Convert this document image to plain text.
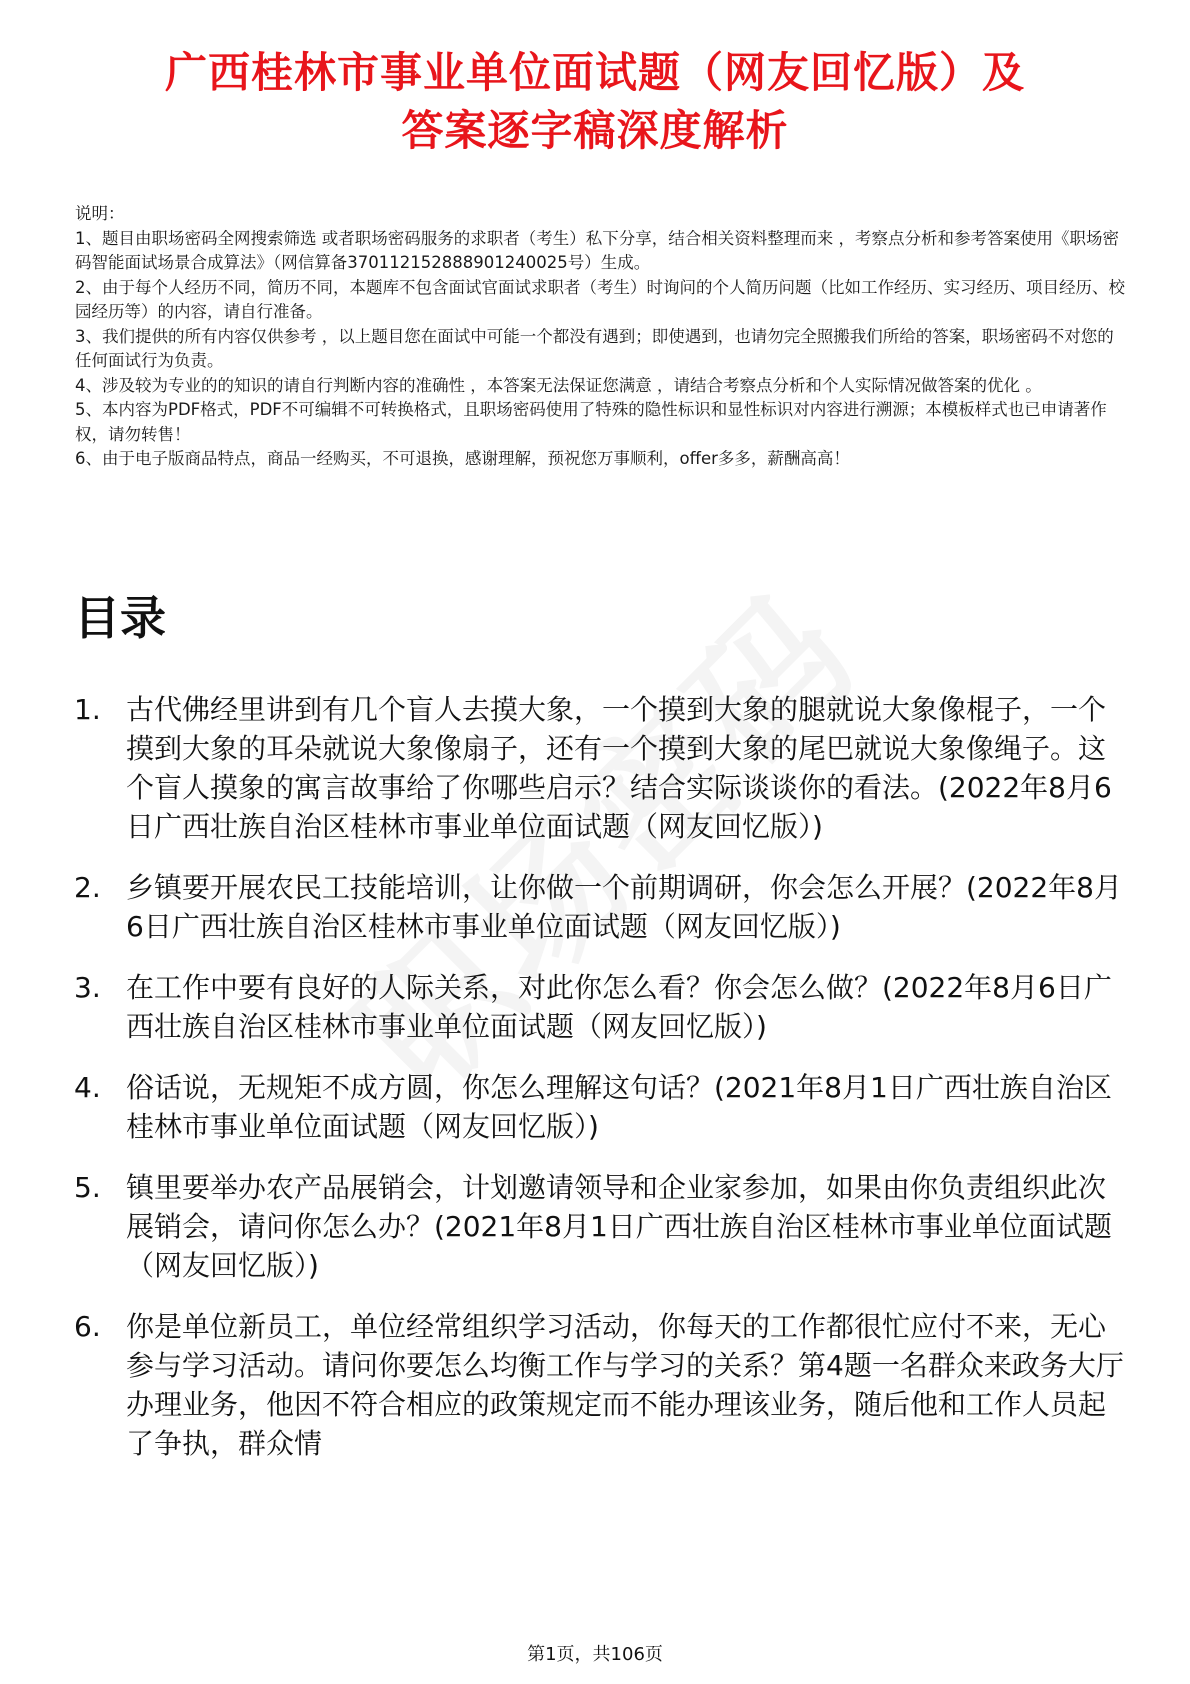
广西桂林市事业单位面试题（网友回忆版）及
答案逐字稿深度解析
说明：
1、题目由职场密码全网搜索筛选 或者职场密码服务的求职者（考生）私下分享，结合相关资料整理而来 ，考察点分析和参考答案使用《职场密码智能面试场景合成算法》（网信算备370112152888901240025号）生成。
2、由于每个人经历不同，简历不同，本题库不包含面试官面试求职者（考生）时询问的个人简历问题（比如工作经历、实习经历、项目经历、校园经历等）的内容，请自行准备。
3、我们提供的所有内容仅供参考 ，以上题目您在面试中可能一个都没有遇到；即使遇到，也请勿完全照搬我们所给的答案，职场密码不对您的任何面试行为负责。
4、涉及较为专业的的知识的请自行判断内容的准确性 ，本答案无法保证您满意 ，请结合考察点分析和个人实际情况做答案的优化 。
5、本内容为PDF格式，PDF不可编辑不可转换格式，且职场密码使用了特殊的隐性标识和显性标识对内容进行溯源；本模板样式也已申请著作权，请勿转售！
6、由于电子版商品特点，商品一经购买，不可退换，感谢理解，预祝您万事顺利，offer多多，薪酬高高！
目录
1. 古代佛经里讲到有几个盲人去摸大象，一个摸到大象的腿就说大象像棍子，一个摸到大象的耳朵就说大象像扇子，还有一个摸到大象的尾巴就说大象像绳子。这个盲人摸象的寓言故事给了你哪些启示？结合实际谈谈你的看法。(2022年8月6日广西壮族自治区桂林市事业单位面试题（网友回忆版）)
2. 乡镇要开展农民工技能培训，让你做一个前期调研，你会怎么开展？(2022年8月6日广西壮族自治区桂林市事业单位面试题（网友回忆版）)
3. 在工作中要有良好的人际关系，对此你怎么看？你会怎么做？(2022年8月6日广西壮族自治区桂林市事业单位面试题（网友回忆版）)
4. 俗话说，无规矩不成方圆，你怎么理解这句话？(2021年8月1日广西壮族自治区桂林市事业单位面试题（网友回忆版）)
5. 镇里要举办农产品展销会，计划邀请领导和企业家参加，如果由你负责组织此次展销会，请问你怎么办？(2021年8月1日广西壮族自治区桂林市事业单位面试题（网友回忆版）)
6. 你是单位新员工，单位经常组织学习活动，你每天的工作都很忙应付不来，无心参与学习活动。请问你要怎么均衡工作与学习的关系？第4题一名群众来政务大厅办理业务，他因不符合相应的政策规定而不能办理该业务，随后他和工作人员起了争执，群众情
第1页，共106页
